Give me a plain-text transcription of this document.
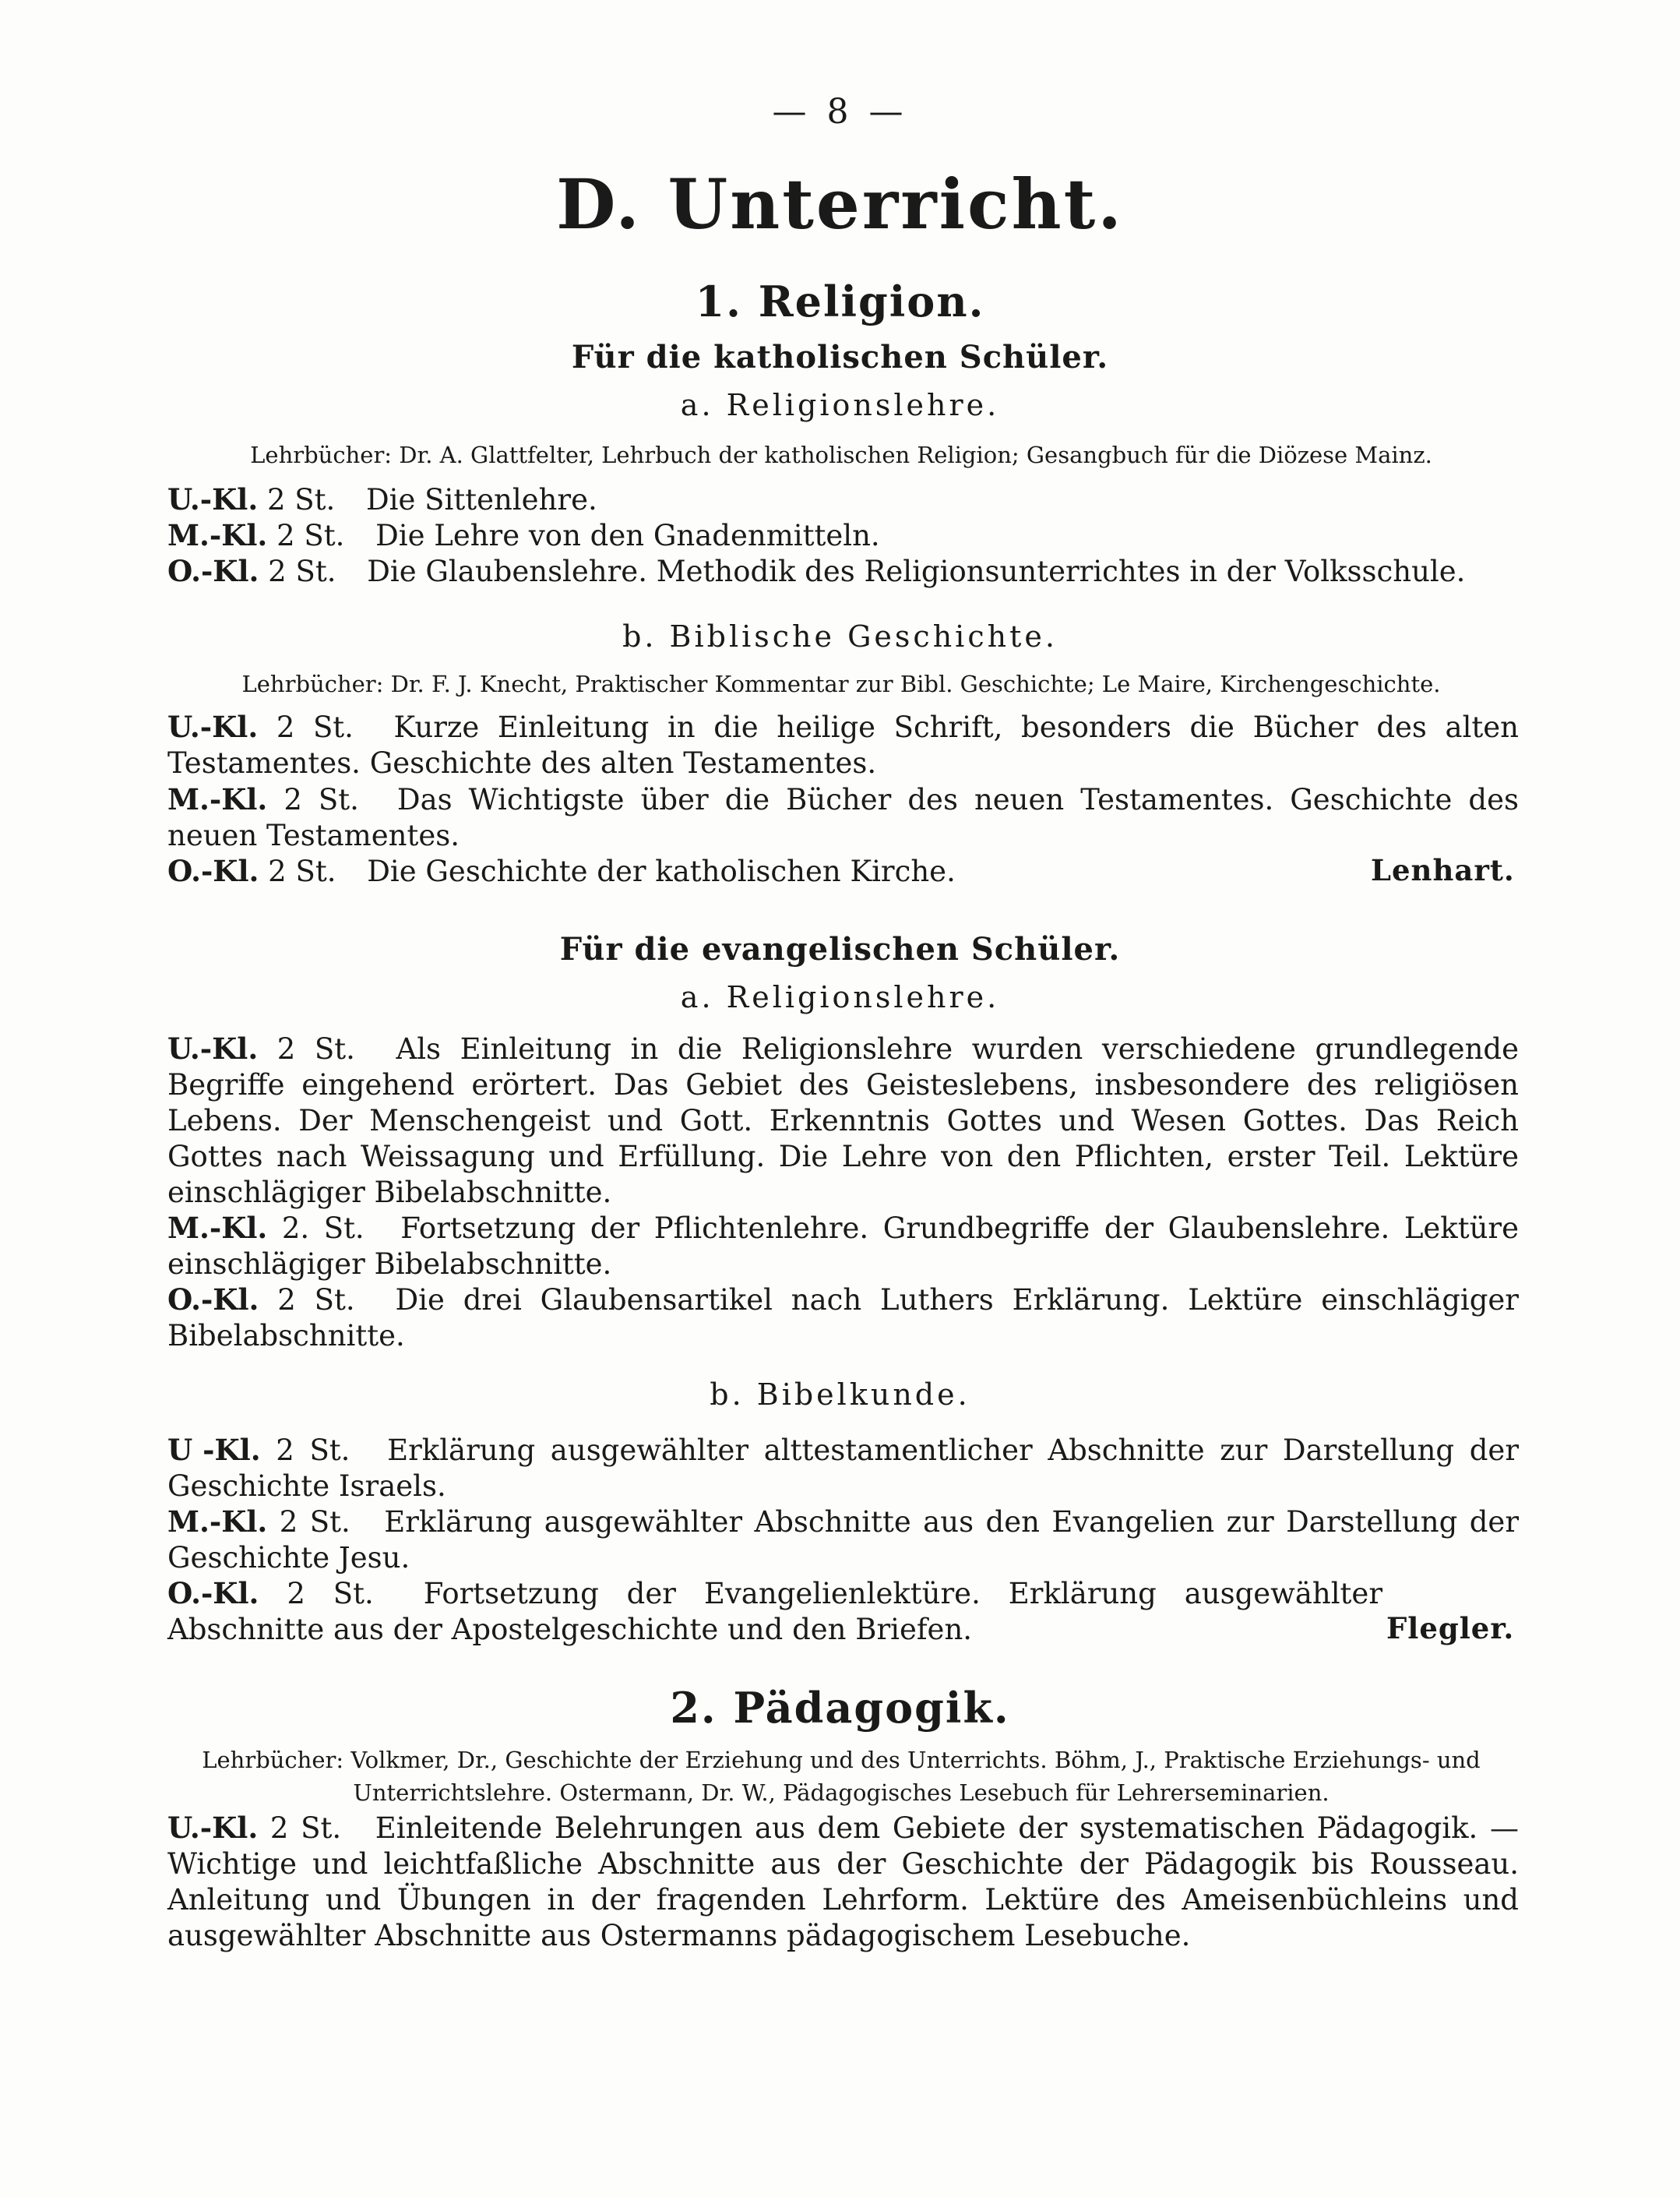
— 8 —
D. Unterricht.
1. Religion.
Für die katholischen Schüler.
a. Religionslehre.
Lehrbücher: Dr. A. Glattfelter, Lehrbuch der katholischen Religion; Gesangbuch für die Diözese Mainz.
U.-Kl. 2 St. Die Sittenlehre.
M.-Kl. 2 St. Die Lehre von den Gnadenmitteln.
O.-Kl. 2 St. Die Glaubenslehre. Methodik des Religionsunterrichtes in der Volksschule.
b. Biblische Geschichte.
Lehrbücher: Dr. F. J. Knecht, Praktischer Kommentar zur Bibl. Geschichte; Le Maire, Kirchengeschichte.
U.-Kl. 2 St. Kurze Einleitung in die heilige Schrift, besonders die Bücher des alten Testamentes. Geschichte des alten Testamentes.
M.-Kl. 2 St. Das Wichtigste über die Bücher des neuen Testamentes. Geschichte des neuen Testamentes.
O.-Kl. 2 St. Die Geschichte der katholischen Kirche.	Lenhart.
Für die evangelischen Schüler.
a. Religionslehre.
U.-Kl. 2 St. Als Einleitung in die Religionslehre wurden verschiedene grundlegende Begriffe eingehend erörtert. Das Gebiet des Geisteslebens, insbesondere des religiösen Lebens. Der Menschengeist und Gott. Erkenntnis Gottes und Wesen Gottes. Das Reich Gottes nach Weissagung und Erfüllung. Die Lehre von den Pflichten, erster Teil. Lektüre einschlägiger Bibelabschnitte.
M.-Kl. 2. St. Fortsetzung der Pflichtenlehre. Grundbegriffe der Glaubenslehre. Lektüre einschlägiger Bibelabschnitte.
O.-Kl. 2 St. Die drei Glaubensartikel nach Luthers Erklärung. Lektüre einschlägiger Bibelabschnitte.
b. Bibelkunde.
U -Kl. 2 St. Erklärung ausgewählter alttestamentlicher Abschnitte zur Darstellung der Geschichte Israels.
M.-Kl. 2 St. Erklärung ausgewählter Abschnitte aus den Evangelien zur Darstellung der Geschichte Jesu.
O.-Kl. 2 St. Fortsetzung der Evangelienlektüre. Erklärung ausgewählter Abschnitte aus der Apostelgeschichte und den Briefen.	Flegler.
2. Pädagogik.
Lehrbücher: Volkmer, Dr., Geschichte der Erziehung und des Unterrichts. Böhm, J., Praktische Erziehungs- und Unterrichtslehre. Ostermann, Dr. W., Pädagogisches Lesebuch für Lehrerseminarien.
U.-Kl. 2 St. Einleitende Belehrungen aus dem Gebiete der systematischen Pädagogik. — Wichtige und leichtfaßliche Abschnitte aus der Geschichte der Pädagogik bis Rousseau. Anleitung und Übungen in der fragenden Lehrform. Lektüre des Ameisenbüchleins und ausgewählter Abschnitte aus Ostermanns pädagogischem Lesebuche.
